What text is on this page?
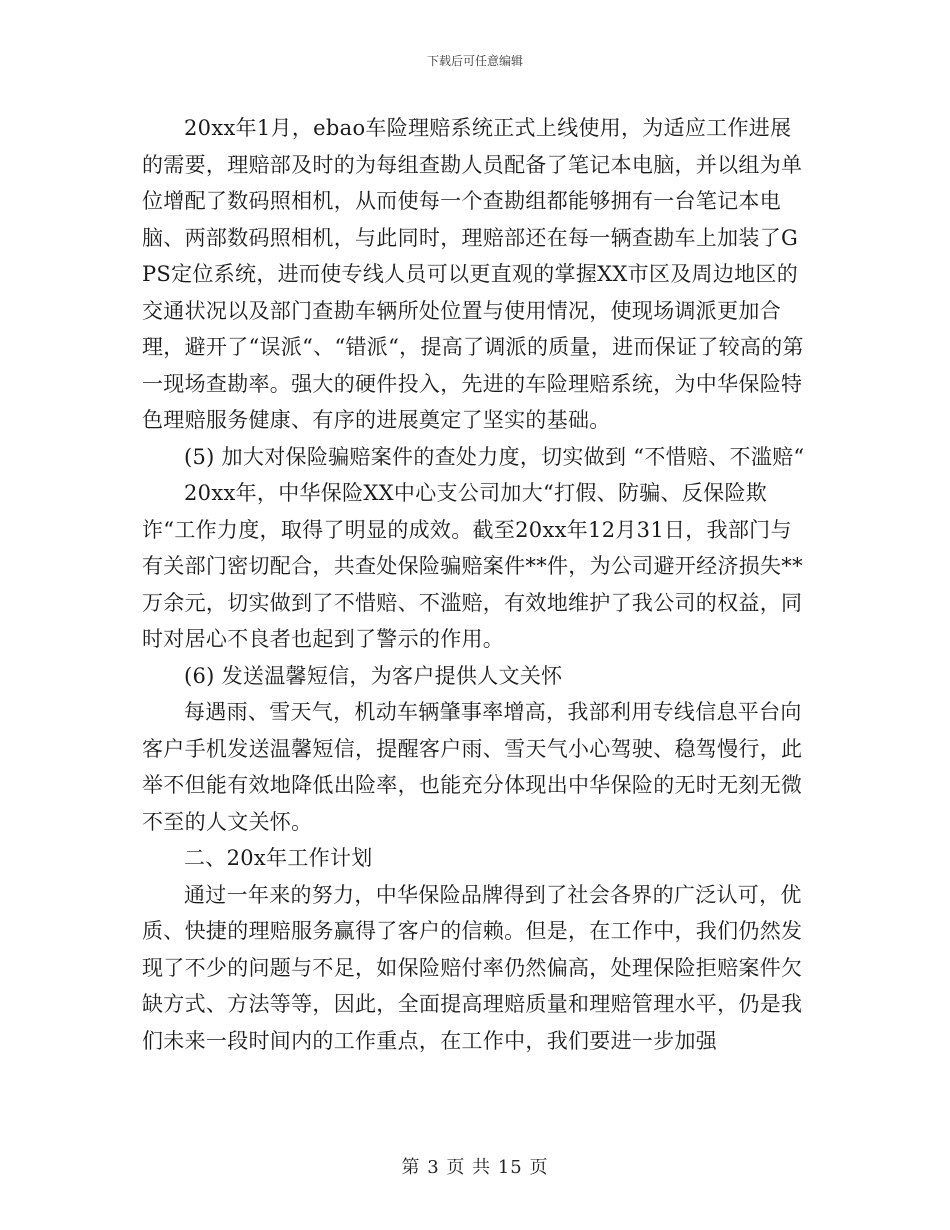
下载后可任意编辑

20xx年1月，ebao车险理赔系统正式上线使用，为适应工作进展的需要，理赔部及时的为每组查勘人员配备了笔记本电脑，并以组为单位增配了数码照相机，从而使每一个查勘组都能够拥有一台笔记本电脑、两部数码照相机，与此同时，理赔部还在每一辆查勘车上加装了GPS定位系统，进而使专线人员可以更直观的掌握XX市区及周边地区的交通状况以及部门查勘车辆所处位置与使用情况，使现场调派更加合理，避开了“误派“、“错派“，提高了调派的质量，进而保证了较高的第一现场查勘率。强大的硬件投入，先进的车险理赔系统，为中华保险特色理赔服务健康、有序的进展奠定了坚实的基础。

(5) 加大对保险骗赔案件的查处力度，切实做到 “不惜赔、不滥赔“

20xx年，中华保险XX中心支公司加大“打假、防骗、反保险欺诈“工作力度，取得了明显的成效。截至20xx年12月31日，我部门与有关部门密切配合，共查处保险骗赔案件**件，为公司避开经济损失**万余元，切实做到了不惜赔、不滥赔，有效地维护了我公司的权益，同时对居心不良者也起到了警示的作用。

(6) 发送温馨短信，为客户提供人文关怀

每遇雨、雪天气，机动车辆肇事率增高，我部利用专线信息平台向客户手机发送温馨短信，提醒客户雨、雪天气小心驾驶、稳驾慢行，此举不但能有效地降低出险率，也能充分体现出中华保险的无时无刻无微不至的人文关怀。

二、20x年工作计划

通过一年来的努力，中华保险品牌得到了社会各界的广泛认可，优质、快捷的理赔服务赢得了客户的信赖。但是，在工作中，我们仍然发现了不少的问题与不足，如保险赔付率仍然偏高，处理保险拒赔案件欠缺方式、方法等等，因此，全面提高理赔质量和理赔管理水平，仍是我们未来一段时间内的工作重点，在工作中，我们要进一步加强

第 3 页 共 15 页
